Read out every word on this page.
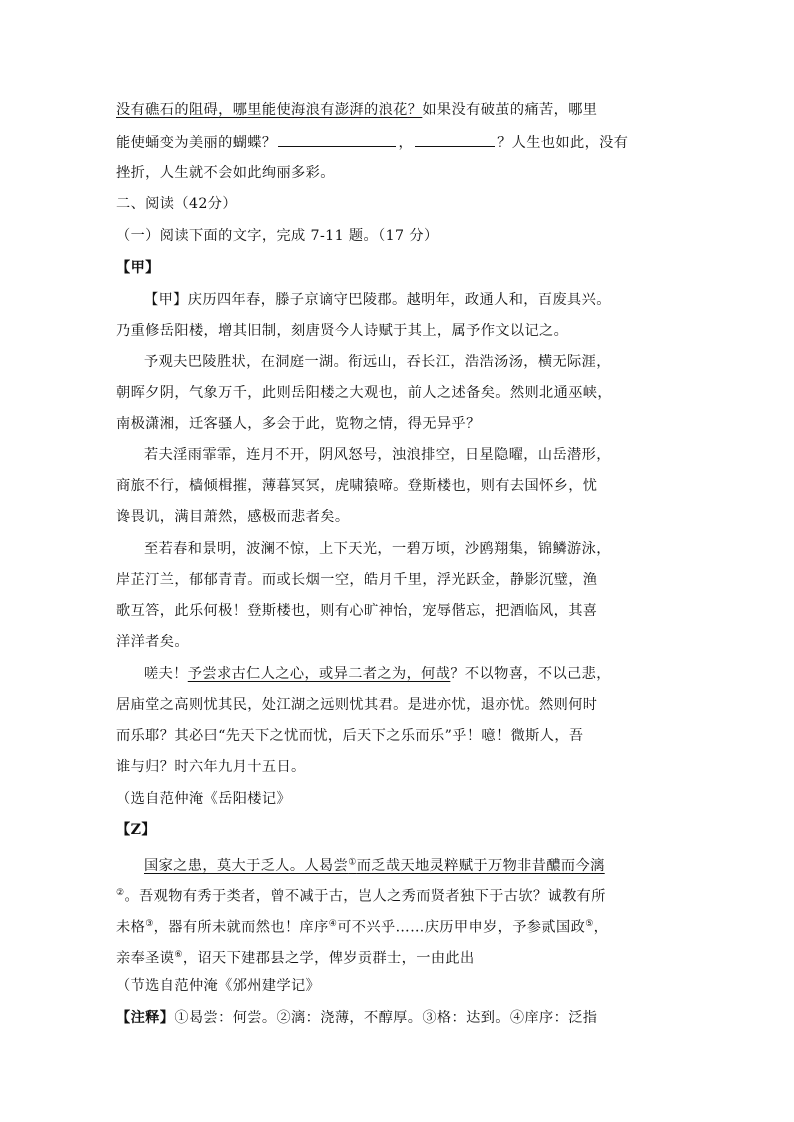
没有礁石的阻碍，哪里能使海浪有澎湃的浪花？如果没有破茧的痛苦，哪里
能使蛹变为美丽的蝴蝶？	，	？人生也如此，没有
挫折，人生就不会如此绚丽多彩。
二、阅读（42分）
（一）阅读下面的文字，完成 7-11 题。（17 分）
【甲】
【甲】庆历四年春，滕子京谪守巴陵郡。越明年，政通人和，百废具兴。
乃重修岳阳楼，增其旧制，刻唐贤今人诗赋于其上，属予作文以记之。
予观夫巴陵胜状，在洞庭一湖。衔远山，吞长江，浩浩汤汤，横无际涯，
朝晖夕阴，气象万千，此则岳阳楼之大观也，前人之述备矣。然则北通巫峡，
南极潇湘，迁客骚人，多会于此，览物之情，得无异乎？
若夫淫雨霏霏，连月不开，阴风怒号，浊浪排空，日星隐曜，山岳潜形，
商旅不行，樯倾楫摧，薄暮冥冥，虎啸猿啼。登斯楼也，则有去国怀乡，忧
谗畏讥，满目萧然，感极而悲者矣。
至若春和景明，波澜不惊，上下天光，一碧万顷，沙鸥翔集，锦鳞游泳，
岸芷汀兰，郁郁青青。而或长烟一空，皓月千里，浮光跃金，静影沉璧，渔
歌互答，此乐何极！登斯楼也，则有心旷神怡，宠辱偕忘，把酒临风，其喜
洋洋者矣。
嗟夫！予尝求古仁人之心，或异二者之为，何哉？不以物喜，不以己悲，
居庙堂之高则忧其民，处江湖之远则忧其君。是进亦忧，退亦忧。然则何时
而乐耶？其必曰“先天下之忧而忧，后天下之乐而乐”乎！噫！微斯人，吾
谁与归？时六年九月十五日。
（选自范仲淹《岳阳楼记》
【Z】
国家之患，莫大于乏人。人曷尝①而乏哉天地灵粹赋于万物非昔醲而今漓
②。吾观物有秀于类者，曾不减于古，岂人之秀而贤者独下于古欤？诚教有所
未格③，器有所未就而然也！庠序④可不兴乎……庆历甲申岁，予参贰国政⑤，
亲奉圣谟⑥，诏天下建郡县之学，俾岁贡群士，一由此出
（节选自范仲淹《邠州建学记》
【注释】①曷尝：何尝。②漓：浇薄，不醇厚。③格：达到。④庠序：泛指
